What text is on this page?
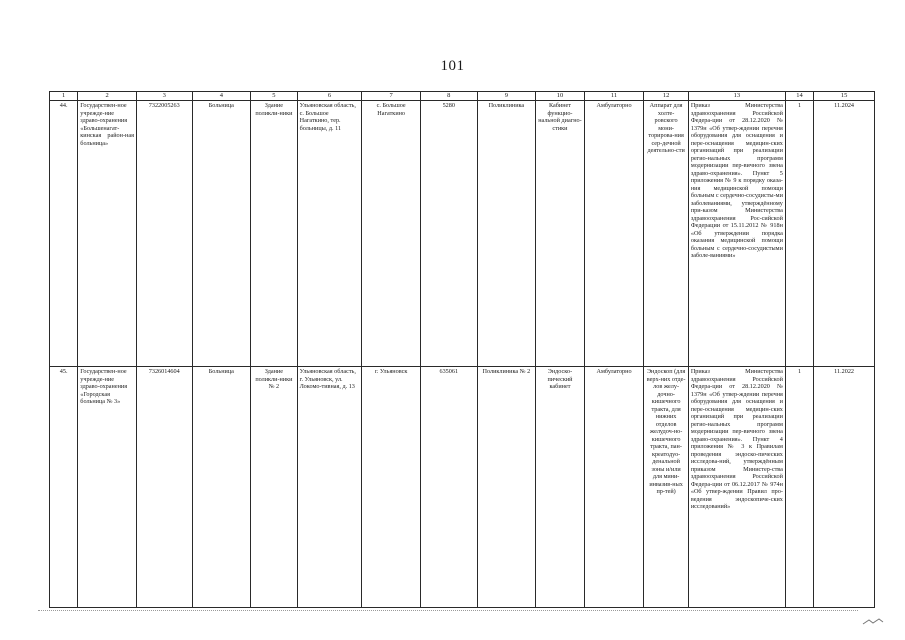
101
1	2	3	4	5	6	7	8	9	10	11	12	13	14	15
44.	Государствен-ное учрежде-ние здраво-охранения «Большенагат-кинская район-ная больница»	7322005263	Больница	Здание поликли-ники	Ульяновская область, с. Большое Нагаткино, тер. больницы, д. 11	с. Большое Нагаткино	5280	Поликлиника	Кабинет функцио-нальной диагно-стики	Амбулаторно	Аппарат для холте-ровского мони-торирова-ния сер-дечной деятельно-сти	Приказ Министерства здравоохранения Российской Федера-ции от 28.12.2020 № 1379н «Об утвер-ждении перечня оборудования для оснащения и пере-оснащения медицин-ских организаций при реализации регио-нальных программ модернизации пер-вичного звена здраво-охранения». Пункт 5 приложения № 9 к порядку оказа-ния медицинской помощи больным с сердечно-сосудисты-ми заболеваниями, утверждённому при-казом Министерства здравоохранения Рос-сийской Федерации от 15.11.2012 № 918н «Об утверждении порядка оказания медицинской помощи больным с сердечно-сосудистыми заболе-ваниями»	1	11.2024
45.	Государствен-ное учрежде-ние здраво-охранения «Городская больница № 3»	7326014604	Больница	Здание поликли-ники № 2	Ульяновская область, г. Ульяновск, ул. Локомо-тивная, д. 13	г. Ульяновск	635061	Поликлиника № 2	Эндоско-пический кабинет	Амбулаторно	Эндоскоп (для верх-них отде-лов желу-дочно-кишечного тракта, для нижних отделов желудоч-но-кишечного тракта, пан-креатодуо-денальной зоны и/или для мини-инвазив-ных пр-тей)	Приказ Министерства здравоохранения Российской Федера-ции от 28.12.2020 № 1379н «Об утвер-ждении перечня оборудования для оснащения и пере-оснащения медицин-ских организаций при реализации регио-нальных программ модернизации пер-вичного звена здраво-охранения». Пункт 4 приложения № 3 к Правилам проведения эндоско-пических исследова-ний, утверждённым приказом Министер-ства здравоохранения Российской Федера-ции от 06.12.2017 № 974н «Об утвер-ждении Правил про-ведения эндоскопиче-ских исследований»	1	11.2022
